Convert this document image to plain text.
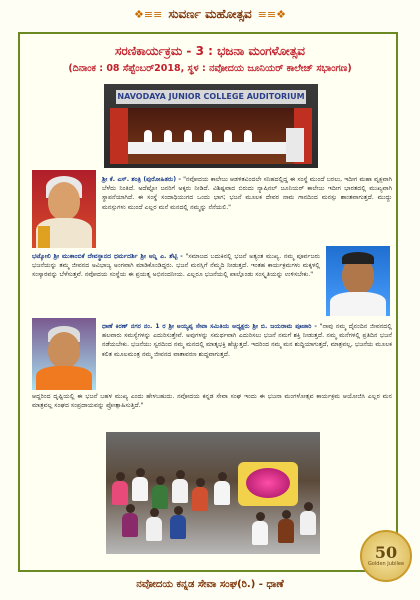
❖≡≡ ಸುವರ್ಣ ಮಹೋತ್ಸವ ≡≡❖
ಸರಣಿಕಾರ್ಯಕ್ರಮ - 3 : ಭಜನಾ ಮಂಗಳೋತ್ಸವ
(ದಿನಾಂಕ : 08 ಸೆಪ್ಟೆಂಬರ್2018, ಸ್ಥಳ : ನವೋದಯ ಜೂನಿಯರ್ ಕಾಲೇಜ್ ಸಭಾಂಗಣ)
NAVODAYA JUNIOR COLLEGE AUDITORIUM
ಶ್ರೀ ಕೆ. ಎಸ್. ಶಂತ್ರಿ (ಪುರೋಹಿತರು) - "ನವೋದಯ ಕಾಲೇಜು ಆಡಳಿತವಿಂದಲೇ ಸನಿಹದಲ್ಲಿದ್ದ ಈ ಸಂಸ್ಥೆ ಮುಂದೆ ಬರಲು, ಇದೀಗ ಮಹಾ ವೃಕ್ಷವಾಗಿ ಬೆಳೆದು ನಿಂತಿದೆ. ಅದೆಷ್ಟೋ ಜನರಿಗೆ ಅಕ್ಕರು ನೀಡಿದೆ. ವಿಶಿಷ್ಟವಾದ ಬಿರುದು ನ್ಯಾಷಿನಲ್ ಜೂನಿಯರ್ ಕಾಲೇಜು ಇದೀಗ ಭಾರತದಲ್ಲಿ ಮುಖ್ಯವಾಗಿ ಸ್ಥಾಪನೆಯಾಗಿದೆ. ಈ ಸಂಸ್ಥೆ ಸಂದಾಧಿಯುಗದ ಒಂದು ಭಾಗ; ಭಜನೆ ಮೂಲಕ ದೇವರ ನಾಮ ಗಾನದಿಂದ ಮನಸ್ಸು ಶಾಂತವಾಗುತ್ತದೆ. ಮುದ್ದು ಮನಸ್ಸುಗಳು ಮುಂದೆ ಎಲ್ಲರ ಮನೆ ಮನದಲ್ಲಿ ನಮ್ಮನ್ನು ನೆನೆಯಲಿ."
ಭಟ್ಕೋಲಿ ಶ್ರೀ ಮುಕಾಂಬಿಕೆ ದೇವಸ್ಥಾನದ ಧರ್ಮದರ್ಶಿ ಶ್ರೀ ಆನ್ನಿ ಎ. ಶೆಟ್ಟಿ - "ಸಮಾಜದ ಬದುಕಿನಲ್ಲಿ ಭಜನೆ ಅತ್ಯಂತ ಮುಖ್ಯ. ನಮ್ಮ ಪೂರ್ವಜರು ಭಜನೆಯನ್ನು ತಮ್ಮ ಜೀವನದ ಅವಿಭಾಜ್ಯ ಅಂಗವಾಗಿ ಮಾಡಿಕೊಂಡಿದ್ದರು. ಭಜನೆ ಮನಸ್ಸಿಗೆ ನೆಮ್ಮದಿ ನೀಡುತ್ತದೆ. ಇಂತಹ ಕಾರ್ಯಕ್ರಮಗಳು ಮಕ್ಕಳಲ್ಲಿ ಸಂಸ್ಕಾರವನ್ನು ಬೆಳೆಸುತ್ತವೆ. ನವೋದಯ ಸಂಸ್ಥೆಯ ಈ ಪ್ರಯತ್ನ ಅಭಿನಂದನೀಯ. ಎಲ್ಲರೂ ಭಜನೆಯಲ್ಲಿ ಪಾಲ್ಗೊಂಡು ಸಂಸ್ಕೃತಿಯನ್ನು ಉಳಿಸಬೇಕು."
ಧಾಣೆ ಕಿರಣ್ ನಗರ ನಂ. 1 ರ ಶ್ರೀ ಅಯ್ಯಪ್ಪ ಸೇವಾ ಸಮಿತಿಯ ಅಧ್ಯಕ್ಷರು ಶ್ರೀ ಬಿ. ಜಯರಾಮ ಪೂಜಾರಿ - "ನಾವು ನಮ್ಮ ದೈನಂದಿನ ಜೀವನದಲ್ಲಿ ಹಲವಾರು ಸಮಸ್ಯೆಗಳನ್ನು ಎದುರಿಸುತ್ತೇವೆ. ಅವುಗಳನ್ನು ಸಮರ್ಥವಾಗಿ ಎದುರಿಸಲು ಭಜನೆ ನಮಗೆ ಶಕ್ತಿ ನೀಡುತ್ತದೆ. ನಮ್ಮ ಮನೆಗಳಲ್ಲಿ ಪ್ರತಿದಿನ ಭಜನೆ ನಡೆಯಬೇಕು. ಭಜನೆಯು ಸ್ವರದಿಂದ ನಮ್ಮ ಮನದಲ್ಲಿ ಮಾತೃಭಕ್ತಿ ಹೆಚ್ಚುತ್ತದೆ. ಇದರಿಂದ ನಮ್ಮ ಮನ ಶುದ್ಧಿಯಾಗುತ್ತದೆ, ಮಾತ್ರವಲ್ಲ, ಭಜನೆಯ ಮೂಲಕ ಕಲಿತ ಮೂಲಮಂತ್ರ ನಮ್ಮ ಜೀವನದ ವಾತಾವರಣ ಶುದ್ಧವಾಗುತ್ತದೆ.
ಆದ್ದರಿಂದ ದೃಷ್ಟಿಯಲ್ಲಿ ಈ ಭಜನೆ ಬಹಳ ಮುಖ್ಯ ಎಂದು ಹೇಳಬಹುದು. ನವೋದಯ ಕನ್ನಡ ಸೇವಾ ಸಂಘ ಇಂದು ಈ ಭಜನಾ ಮಂಗಳೋತ್ಸವ ಕಾರ್ಯಕ್ರಮ ಆಯೋಜಿಸಿ ಎಲ್ಲರ ಮನ ಮಾತ್ರವಲ್ಲ ಸಂಘದ ಸಂಪ್ರದಾಯವನ್ನು ಪ್ರೋತ್ಸಾಹಿಸುತ್ತಿದೆ."
50
Golden Jubilee
ನವೋದಯ ಕನ್ನಡ ಸೇವಾ ಸಂಘ(ರಿ.) - ಧಾಣೆ
